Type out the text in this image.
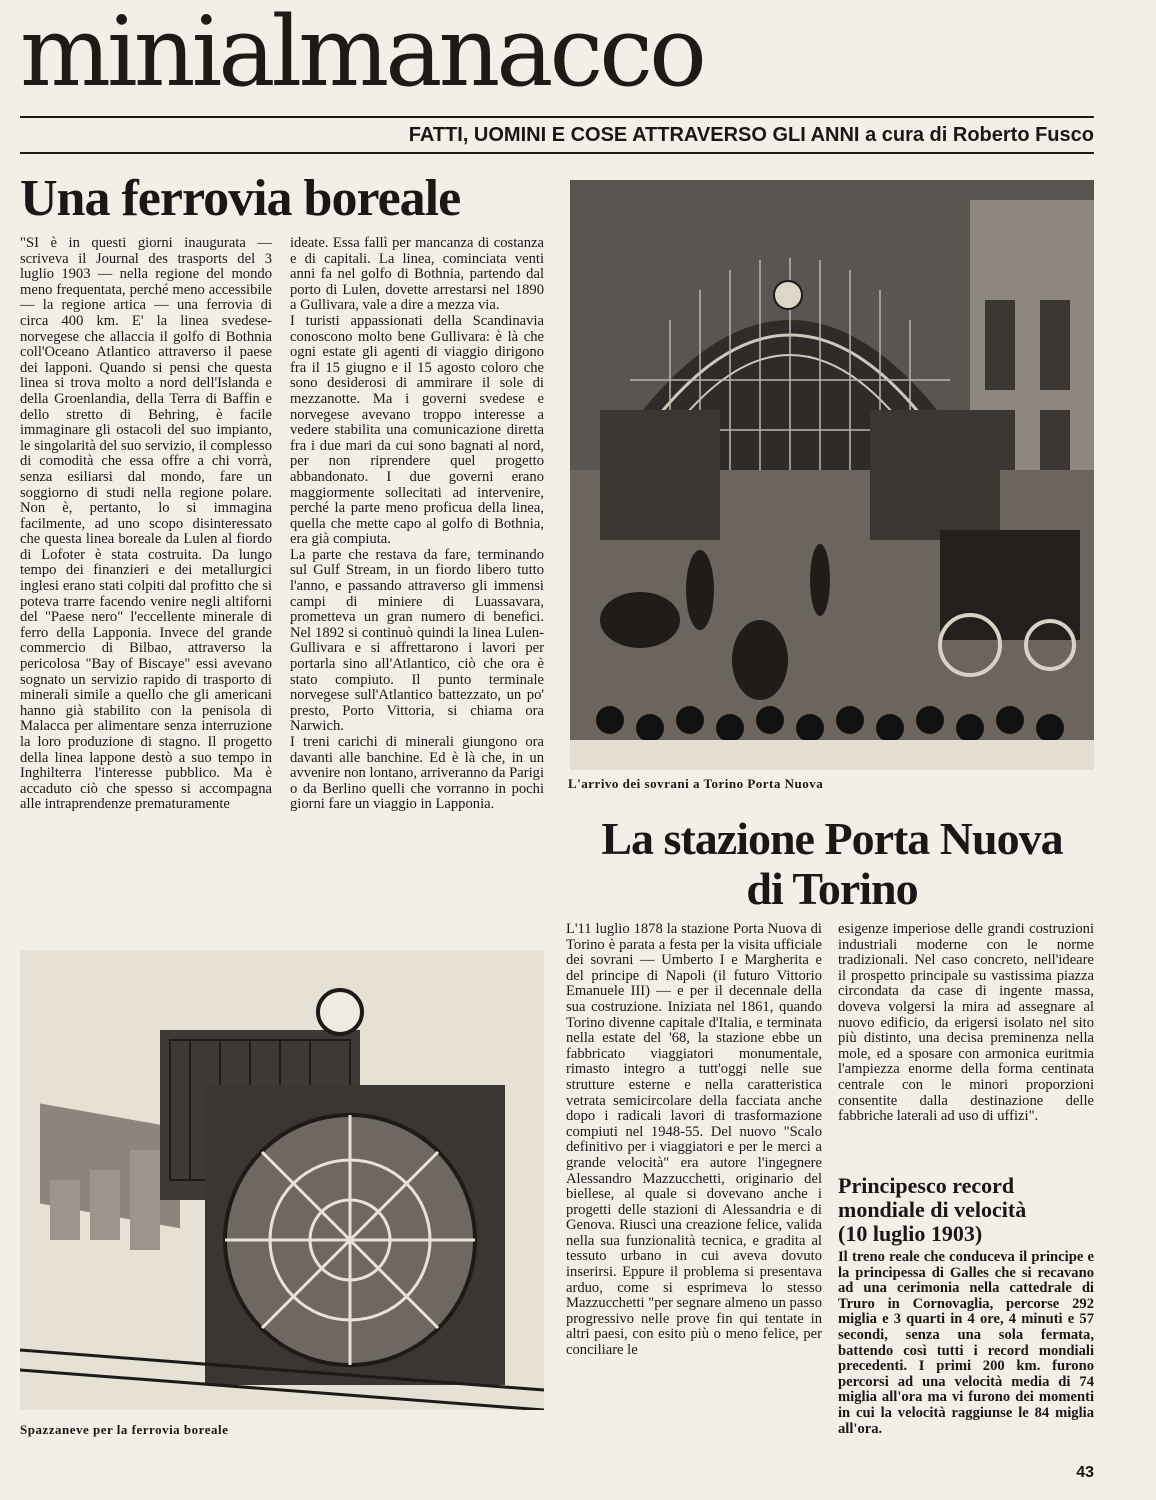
minialmanacco
FATTI, UOMINI E COSE ATTRAVERSO GLI ANNI a cura di Roberto Fusco
Una ferrovia boreale

"SI è in questi giorni inaugurata — scriveva il Journal des trasports del 3 luglio 1903 — nella regione del mondo meno frequentata, perché meno accessibile — la regione artica — una ferrovia di circa 400 km. E' la linea svedese-norvegese che allaccia il golfo di Bothnia coll'Oceano Atlantico attraverso il paese dei lapponi. Quando si pensi che questa linea si trova molto a nord dell'Islanda e della Groenlandia, della Terra di Baffin e dello stretto di Behring, è facile immaginare gli ostacoli del suo impianto, le singolarità del suo servizio, il complesso di comodità che essa offre a chi vorrà, senza esiliarsi dal mondo, fare un soggiorno di studi nella regione polare. Non è, pertanto, lo si immagina facilmente, ad uno scopo disinteressato che questa linea boreale da Lulen al fiordo di Lofoter è stata costruita. Da lungo tempo dei finanzieri e dei metallurgici inglesi erano stati colpiti dal profitto che si poteva trarre facendo venire negli altiforni del "Paese nero" l'eccellente minerale di ferro della Lapponia. Invece del grande commercio di Bilbao, attraverso la pericolosa "Bay of Biscaye" essi avevano sognato un servizio rapido di trasporto di minerali simile a quello che gli americani hanno già stabilito con la penisola di Malacca per alimentare senza interruzione la loro produzione di stagno. Il progetto della linea lappone destò a suo tempo in Inghilterra l'interesse pubblico. Ma è accaduto ciò che spesso si accompagna alle intraprendenze prematuramente

ideate. Essa fallì per mancanza di costanza e di capitali. La linea, cominciata venti anni fa nel golfo di Bothnia, partendo dal porto di Lulen, dovette arrestarsi nel 1890 a Gullivara, vale a dire a mezza via.

I turisti appassionati della Scandinavia conoscono molto bene Gullivara: è là che ogni estate gli agenti di viaggio dirigono fra il 15 giugno e il 15 agosto coloro che sono desiderosi di ammirare il sole di mezzanotte. Ma i governi svedese e norvegese avevano troppo interesse a vedere stabilita una comunicazione diretta fra i due mari da cui sono bagnati al nord, per non riprendere quel progetto abbandonato. I due governi erano maggiormente sollecitati ad intervenire, perché la parte meno proficua della linea, quella che mette capo al golfo di Bothnia, era già compiuta.

La parte che restava da fare, terminando sul Gulf Stream, in un fiordo libero tutto l'anno, e passando attraverso gli immensi campi di miniere di Luassavara, prometteva un gran numero di benefici. Nel 1892 si continuò quindi la linea Lulen-Gullivara e si affrettarono i lavori per portarla sino all'Atlantico, ciò che ora è stato compiuto. Il punto terminale norvegese sull'Atlantico battezzato, un po' presto, Porto Vittoria, si chiama ora Narwich.

I treni carichi di minerali giungono ora davanti alle banchine. Ed è là che, in un avvenire non lontano, arriveranno da Parigi o da Berlino quelli che vorranno in pochi giorni fare un viaggio in Lapponia.

L'arrivo dei sovrani a Torino Porta Nuova
La stazione Porta Nuova
di Torino
Spazzaneve per la ferrovia boreale

L'11 luglio 1878 la stazione Porta Nuova di Torino è parata a festa per la visita ufficiale dei sovrani — Umberto I e Margherita e del principe di Napoli (il futuro Vittorio Emanuele III) — e per il decennale della sua costruzione. Iniziata nel 1861, quando Torino divenne capitale d'Italia, e terminata nella estate del '68, la stazione ebbe un fabbricato viaggiatori monumentale, rimasto integro a tutt'oggi nelle sue strutture esterne e nella caratteristica vetrata semicircolare della facciata anche dopo i radicali lavori di trasformazione compiuti nel 1948-55. Del nuovo "Scalo definitivo per i viaggiatori e per le merci a grande velocità" era autore l'ingegnere Alessandro Mazzucchetti, originario del biellese, al quale si dovevano anche i progetti delle stazioni di Alessandria e di Genova. Riuscì una creazione felice, valida nella sua funzionalità tecnica, e gradita al tessuto urbano in cui aveva dovuto inserirsi. Eppure il problema si presentava arduo, come si esprimeva lo stesso Mazzucchetti "per segnare almeno un passo progressivo nelle prove fin qui tentate in altri paesi, con esito più o meno felice, per conciliare le

esigenze imperiose delle grandi costruzioni industriali moderne con le norme tradizionali. Nel caso concreto, nell'ideare il prospetto principale su vastissima piazza circondata da case di ingente massa, doveva volgersi la mira ad assegnare al nuovo edificio, da erigersi isolato nel sito più distinto, una decisa preminenza nella mole, ed a sposare con armonica euritmia l'ampiezza enorme della forma centinata centrale con le minori proporzioni consentite dalla destinazione delle fabbriche laterali ad uso di uffizi".

Principesco record
mondiale di velocità
(10 luglio 1903)
Il treno reale che conduceva il principe e la principessa di Galles che si recavano ad una cerimonia nella cattedrale di Truro in Cornovaglia, percorse 292 miglia e 3 quarti in 4 ore, 4 minuti e 57 secondi, senza una sola fermata, battendo così tutti i record mondiali precedenti. I primi 200 km. furono percorsi ad una velocità media di 74 miglia all'ora ma vi furono dei momenti in cui la velocità raggiunse le 84 miglia all'ora.
43
